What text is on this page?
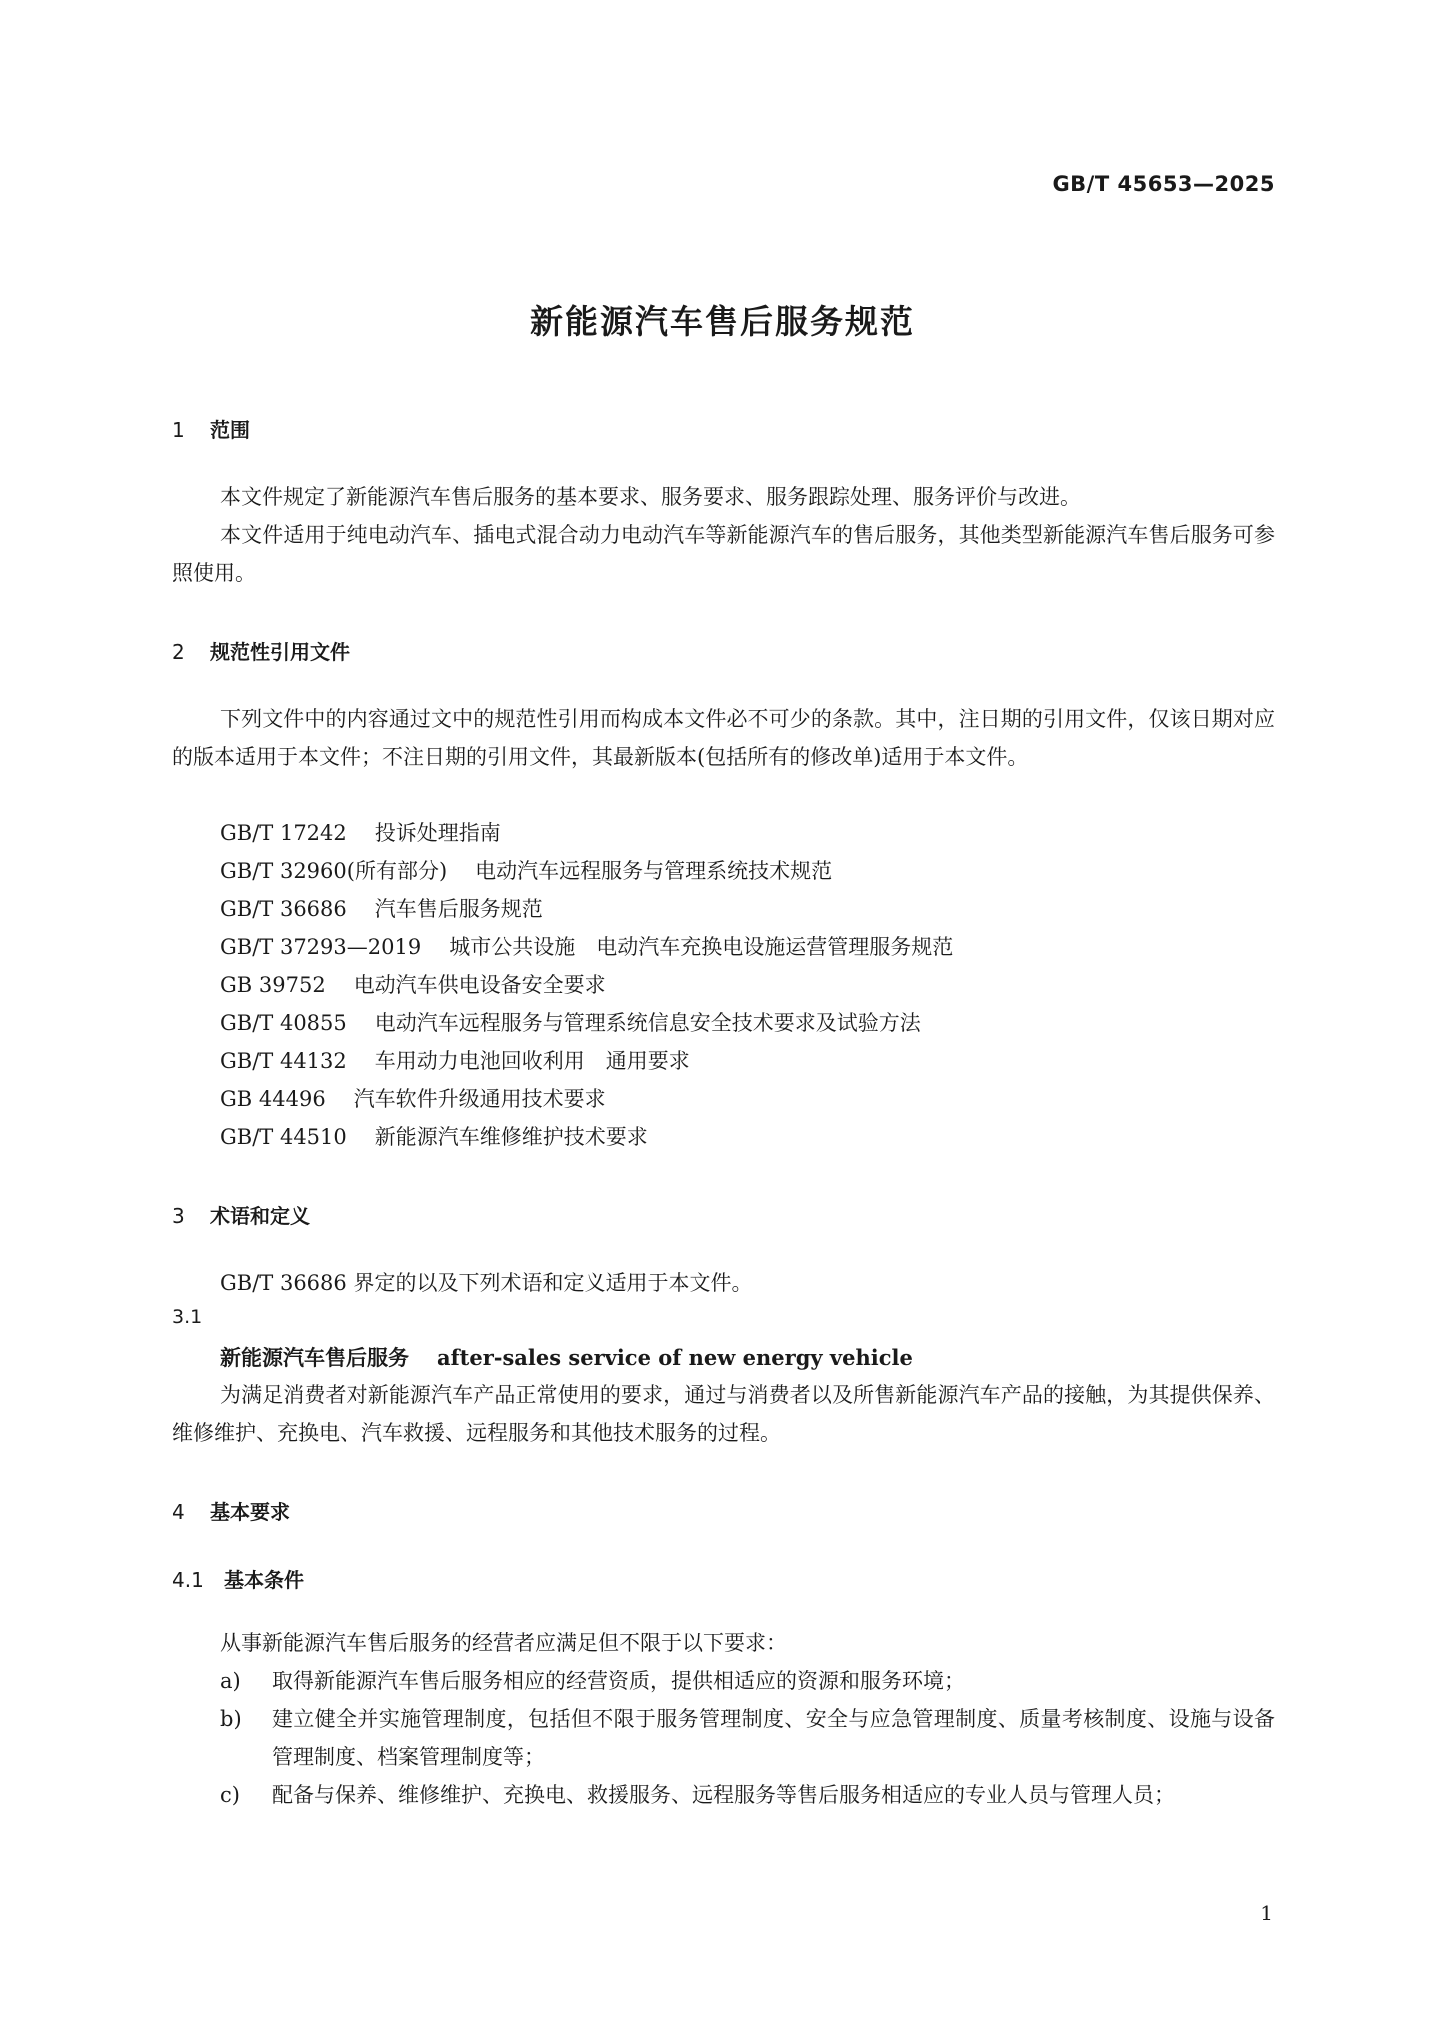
GB/T 45653—2025
新能源汽车售后服务规范
1 范围
本文件规定了新能源汽车售后服务的基本要求、服务要求、服务跟踪处理、服务评价与改进。
本文件适用于纯电动汽车、插电式混合动力电动汽车等新能源汽车的售后服务，其他类型新能源汽车售后服务可参照使用。
2 规范性引用文件
下列文件中的内容通过文中的规范性引用而构成本文件必不可少的条款。其中，注日期的引用文件，仅该日期对应的版本适用于本文件；不注日期的引用文件，其最新版本(包括所有的修改单)适用于本文件。
GB/T 17242 投诉处理指南
GB/T 32960(所有部分) 电动汽车远程服务与管理系统技术规范
GB/T 36686 汽车售后服务规范
GB/T 37293—2019 城市公共设施　电动汽车充换电设施运营管理服务规范
GB 39752 电动汽车供电设备安全要求
GB/T 40855 电动汽车远程服务与管理系统信息安全技术要求及试验方法
GB/T 44132 车用动力电池回收利用　通用要求
GB 44496 汽车软件升级通用技术要求
GB/T 44510 新能源汽车维修维护技术要求
3 术语和定义
GB/T 36686 界定的以及下列术语和定义适用于本文件。
3.1
新能源汽车售后服务 after-sales service of new energy vehicle
为满足消费者对新能源汽车产品正常使用的要求，通过与消费者以及所售新能源汽车产品的接触，为其提供保养、维修维护、充换电、汽车救援、远程服务和其他技术服务的过程。
4 基本要求
4.1 基本条件
从事新能源汽车售后服务的经营者应满足但不限于以下要求：
a) 取得新能源汽车售后服务相应的经营资质，提供相适应的资源和服务环境；
b) 建立健全并实施管理制度，包括但不限于服务管理制度、安全与应急管理制度、质量考核制度、设施与设备管理制度、档案管理制度等；
c) 配备与保养、维修维护、充换电、救援服务、远程服务等售后服务相适应的专业人员与管理人员；
1
